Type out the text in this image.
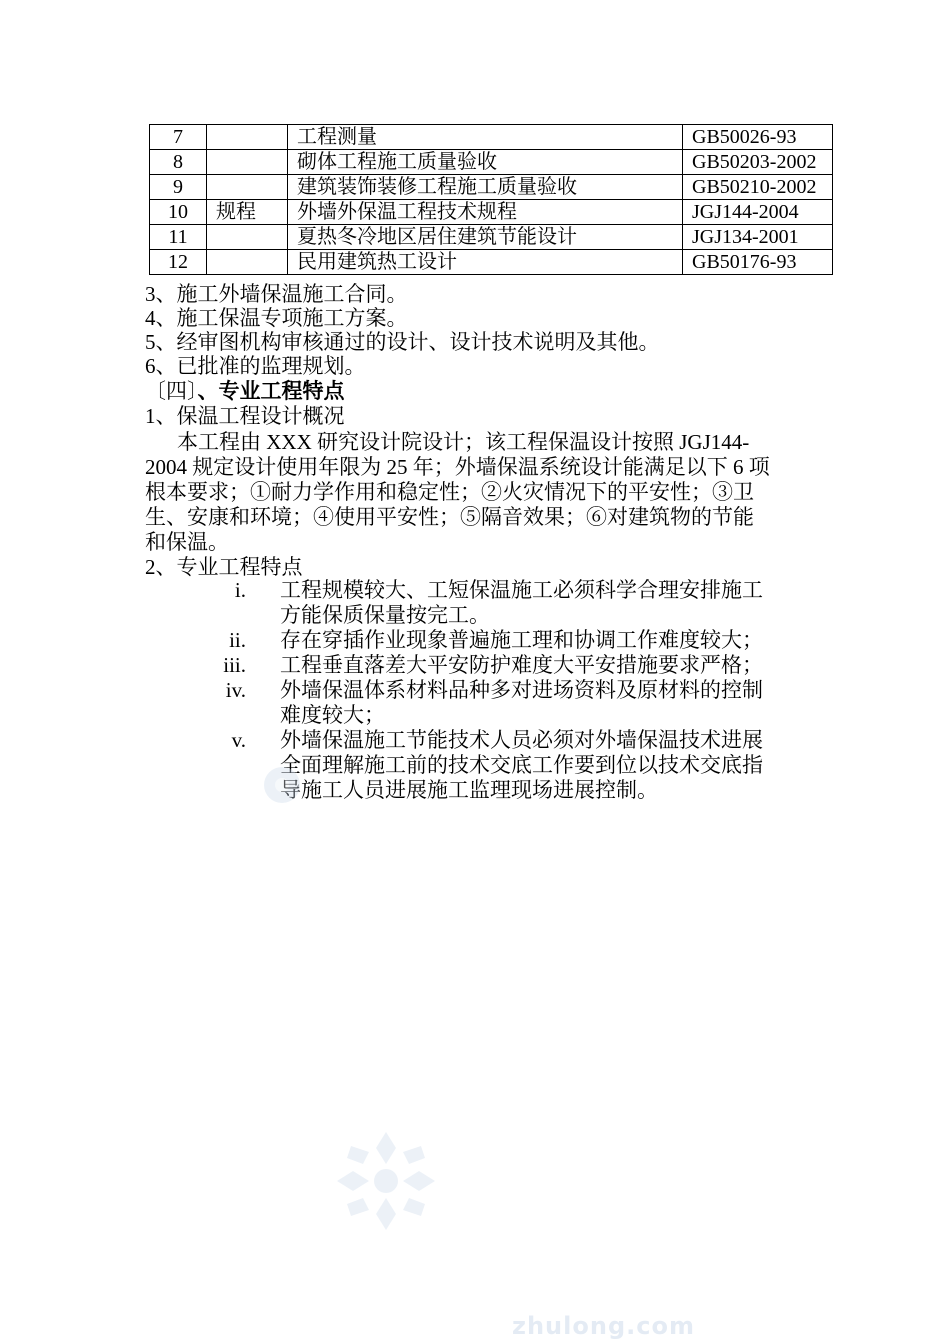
7		工程测量	GB50026-93
8		砌体工程施工质量验收	GB50203-2002
9		建筑装饰装修工程施工质量验收	GB50210-2002
10	规程	外墙外保温工程技术规程	JGJ144-2004
11		夏热冬冷地区居住建筑节能设计	JGJ134-2001
12		民用建筑热工设计	GB50176-93
3、施工外墙保温施工合同。
4、施工保温专项施工方案。
5、经审图机构审核通过的设计、设计技术说明及其他。
6、已批准的监理规划。
〔四〕、专业工程特点
1、保温工程设计概况
本工程由 XXX 研究设计院设计；该工程保温设计按照 JGJ144-
2004 规定设计使用年限为 25 年；外墙保温系统设计能满足以下 6 项
根本要求；①耐力学作用和稳定性；②火灾情况下的平安性；③卫
生、安康和环境；④使用平安性；⑤隔音效果；⑥对建筑物的节能
和保温。
2、专业工程特点
i. 工程规模较大、工短保温施工必须科学合理安排施工
方能保质保量按完工。
ii. 存在穿插作业现象普遍施工理和协调工作难度较大；
iii. 工程垂直落差大平安防护难度大平安措施要求严格；
iv. 外墙保温体系材料品种多对进场资料及原材料的控制
难度较大；
v. 外墙保温施工节能技术人员必须对外墙保温技术进展
全面理解施工前的技术交底工作要到位以技术交底指
导施工人员进展施工监理现场进展控制。
zhulong.com
